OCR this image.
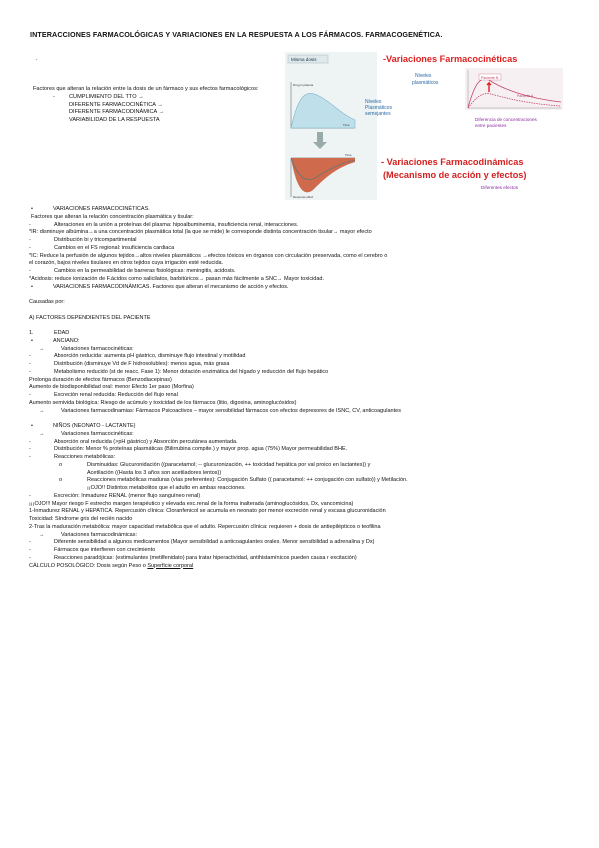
INTERACCIONES FARMACOLÓGICAS Y VARIACIONES EN LA RESPUESTA A LOS FÁRMACOS. FARMACOGENÉTICA.
.
Factores que alteran la relación entre la dosis de un fármaco y sus efectos farmacológicos:
-	CUMPLIMIENTO DEL TTO →
DIFERENTE FARMACOCINÉTICA →
DIFERENTE FARMACODINÁMICA →
VARIABILIDAD DE LA RESPUESTA
Misma dosis
Drug in plasma
Time
Time
Response effect
Niveles
Plasmáticos
semejantes
-Variaciones Farmacocinéticas
Niveles
plasmáticos
Paciente B
Paciente A
Diferencia de concentraciones
entre pacientes
- Variaciones Farmacodinámicas
(Mecanismo de acción y efectos)
Diferentes efectos
• VARIACIONES FARMACOCINÉTICAS.
Factores que alteran la relación concentración plasmática y tisular:
-	Alteraciones en la unión a proteínas del plasma: hipoalbuminemia, insuficiencia renal, interacciones.
*IR: disminuye albúmina→a una concentración plasmática total (la que se mide) le corresponde distinta concentración tisular→ mayor efecto
-	Distribución bi y tricompartimental
-	Cambios en el FS regional: insuficiencia cardiaca
*IC: Reduce la perfusión de algunos tejidos→altos niveles plasmáticos →efectos tóxicos en órganos con circulación preservada, como el cerebro o
el corazón, bajos niveles tisulares en otros tejidos cuya irrigación esté reducida.
-	Cambios en la permeabilidad de barreras fisiológicas: meningitis, acidosis.
*Acidosis: reduce ionización de F.ácidos como salicilatos, barbitúricos→ pasan más fácilmente a SNC→ Mayor toxicidad.
• VARIACIONES FARMACODINÁMICAS. Factores que alteran el mecanismo de acción y efectos.
Causadas por:
A) FACTORES DEPENDIENTES DEL PACIENTE
1.	EDAD
• ANCIANO:
→	Variaciones farmacocinéticas:
-	Absorción reducida: aumenta pH gástrico, disminuye flujo intestinal y motilidad
-	Distribución (disminuye Vd de F hidrosolubles): menos agua, más grasa
-	Metabolismo reducido (st de reacc. Fase 1): Menor dotación enzimática del hígado y reducción del flujo hepático
Prolonga duración de efectos fármacos (Benzodiacepinas)
Aumento de biodisponibilidad oral: menor Efecto 1er paso (Morfina)
-	Excreción renal reducida: Reducción del flujo renal
Aumento semivida biológica: Riesgo de acúmulo y toxicidad de los fármacos (litio, digoxina, aminoglucósidos)
→	Variaciones farmacodinamias: Fármacos Psicoactivos – mayor sensibilidad fármacos con efectos depresores de ISNC, CV, anticoagulantes
• NIÑOS (NEONATO - LACTANTE)
→	Variaciones farmacocinéticas:
-	Absorción oral reducida (>pH gástrico) y Absorción percutánea aumentada.
-	Distribución: Menor % proteínas plasmáticas (Bilirrubina compite.) y mayor prop. agua (75%) Mayor permeabilidad BHE.
-	Reacciones metabólicas:
o	Disminuidas: Glucuronidación ((paracetamol; -- glucuronización, ++ toxicidad hepática por val proico en lactantes)) y
Acetilación ((Hasta los 3 años son acetiladores lentos))
o	Reacciones metabólicas maduras (vías preferentes): Conjugación Sulfato (( paracetamol: ++ conjugación con sulfato)) y Metilación.
¡¡OJO!! Distintos metabolitos que el adulto en ambas reacciones.
-	Excreción: Inmadurez RENAL (menor flujo sanguíneo renal)
¡¡¡OJO!!! Mayor riesgo F estrecho margen terapéutico y elevada exc.renal de la forma inalterada (aminoglucósidos, Dx, vancomicina)
1-Inmadurez RENAL y HEPATICA. Repercusión clínica: Cloranfenicol se acumula en neonato por menor excreción renal y escasa glucuronidación
Toxicidad: Síndrome gris del recién nacido
2-Tras la maduración metabólica: mayor capacidad metabólica que el adulto. Repercusión clínica: requieren + dosis de antiepilépticos o teofilina
→	Variaciones farmacodinámicas:
-	Diferente sensibilidad a algunos medicamentos (Mayor sensibilidad a anticoagulantes orales. Menor sensibilidad a adrenalina y Dx)
-	Fármacos que interfieren con crecimiento
-	Reacciones paradójicas: (estimulantes (metilfenidato) para tratar hiperactividad, antihistamínicos pueden causa r excitación)
CÁLCULO POSOLÓGICO: Dosis según Peso o Superficie corporal
